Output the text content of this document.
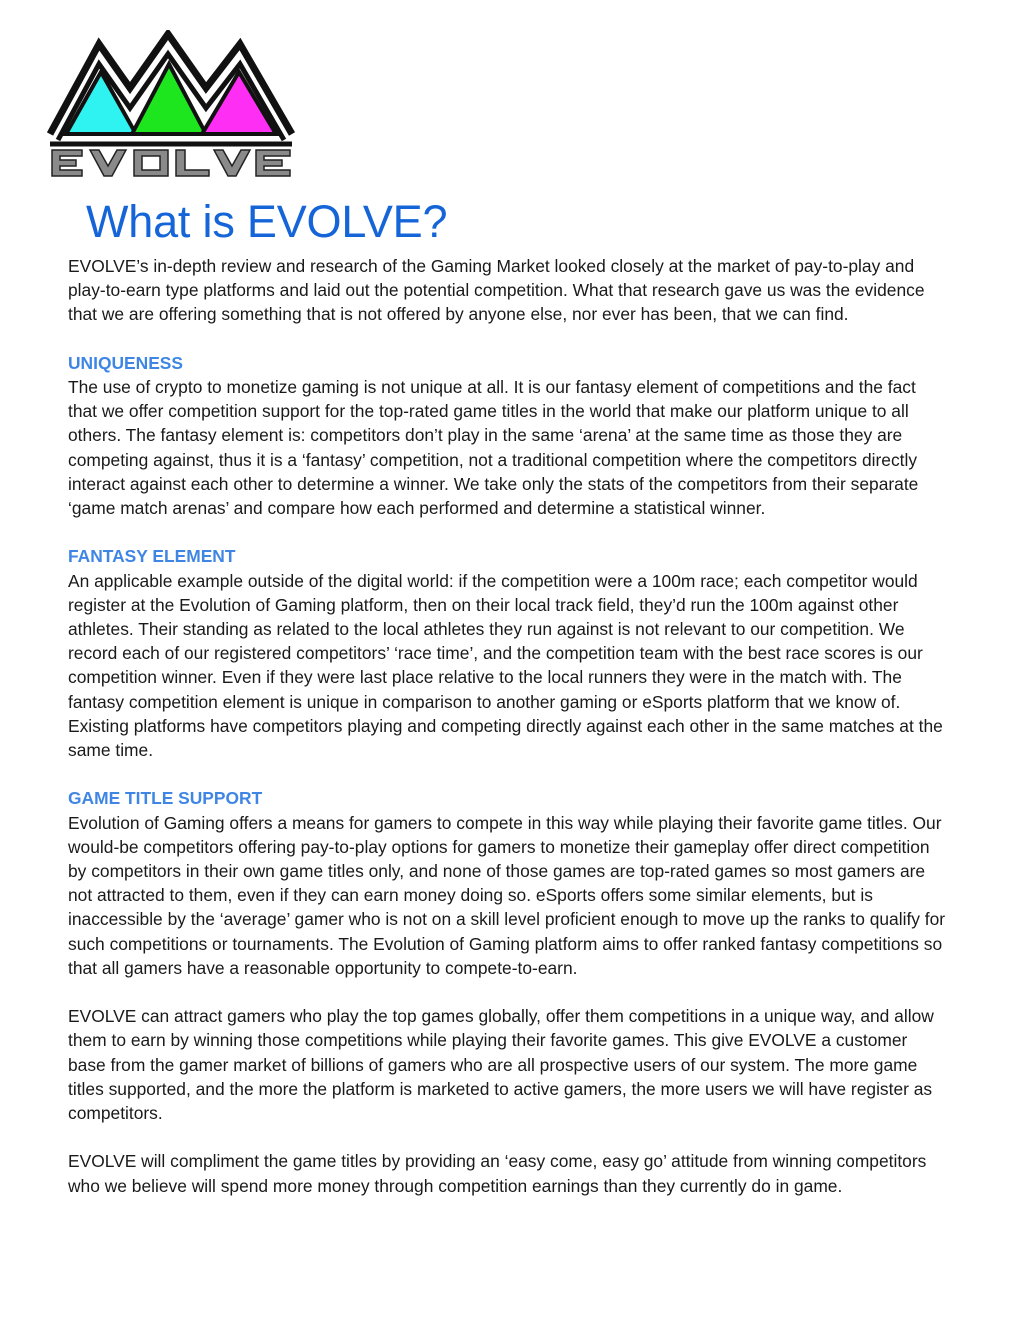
What is EVOLVE?

EVOLVE’s in-depth review and research of the Gaming Market looked closely at the market of pay-to-play and play-to-earn type platforms and laid out the potential competition. What that research gave us was the evidence that we are offering something that is not offered by anyone else, nor ever has been, that we can find.

UNIQUENESS

The use of crypto to monetize gaming is not unique at all. It is our fantasy element of competitions and the fact that we offer competition support for the top-rated game titles in the world that make our platform unique to all others. The fantasy element is: competitors don’t play in the same ‘arena’ at the same time as those they are competing against, thus it is a ‘fantasy’ competition, not a traditional competition where the competitors directly interact against each other to determine a winner. We take only the stats of the competitors from their separate ‘game match arenas’ and compare how each performed and determine a statistical winner.

FANTASY ELEMENT

An applicable example outside of the digital world: if the competition were a 100m race; each competitor would register at the Evolution of Gaming platform, then on their local track field, they’d run the 100m against other athletes. Their standing as related to the local athletes they run against is not relevant to our competition. We record each of our registered competitors’ ‘race time’, and the competition team with the best race scores is our competition winner. Even if they were last place relative to the local runners they were in the match with. The fantasy competition element is unique in comparison to another gaming or eSports platform that we know of. Existing platforms have competitors playing and competing directly against each other in the same matches at the same time.

GAME TITLE SUPPORT

Evolution of Gaming offers a means for gamers to compete in this way while playing their favorite game titles. Our would-be competitors offering pay-to-play options for gamers to monetize their gameplay offer direct competition by competitors in their own game titles only, and none of those games are top-rated games so most gamers are not attracted to them, even if they can earn money doing so. eSports offers some similar elements, but is inaccessible by the ‘average’ gamer who is not on a skill level proficient enough to move up the ranks to qualify for such competitions or tournaments. The Evolution of Gaming platform aims to offer ranked fantasy competitions so that all gamers have a reasonable opportunity to compete-to-earn.

EVOLVE can attract gamers who play the top games globally, offer them competitions in a unique way, and allow them to earn by winning those competitions while playing their favorite games. This give EVOLVE a customer base from the gamer market of billions of gamers who are all prospective users of our system. The more game titles supported, and the more the platform is marketed to active gamers, the more users we will have register as competitors.

EVOLVE will compliment the game titles by providing an ‘easy come, easy go’ attitude from winning competitors who we believe will spend more money through competition earnings than they currently do in game.
